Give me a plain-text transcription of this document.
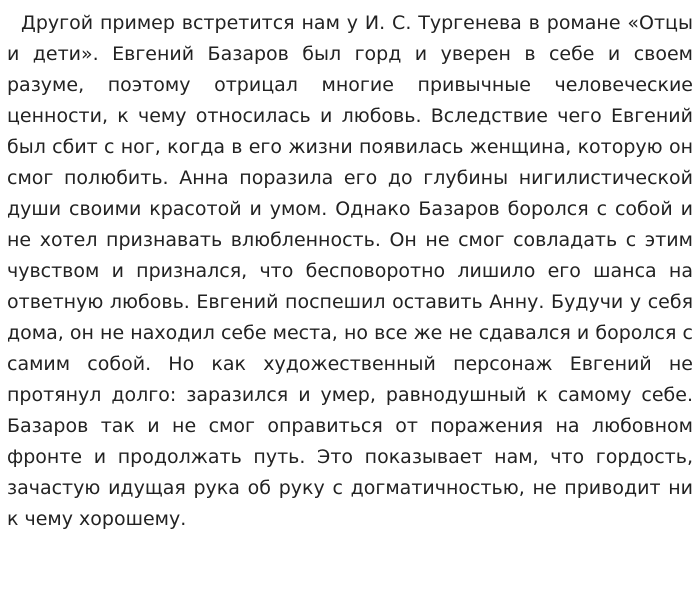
Другой пример встретится нам у И. С. Тургенева в романе «Отцы и дети». Евгений Базаров был горд и уверен в себе и своем разуме, поэтому отрицал многие привычные человеческие ценности, к чему относилась и любовь. Вследствие чего Евгений был сбит с ног, когда в его жизни появилась женщина, которую он смог полюбить. Анна поразила его до глубины нигилистической души своими красотой и умом. Однако Базаров боролся с собой и не хотел признавать влюбленность. Он не смог совладать с этим чувством и признался, что бесповоротно лишило его шанса на ответную любовь. Евгений поспешил оставить Анну. Будучи у себя дома, он не находил себе места, но все же не сдавался и боролся с самим собой. Но как художественный персонаж Евгений не протянул долго: заразился и умер, равнодушный к самому себе. Базаров так и не смог оправиться от поражения на любовном фронте и продолжать путь. Это показывает нам, что гордость, зачастую идущая рука об руку с догматичностью, не приводит ни к чему хорошему.
